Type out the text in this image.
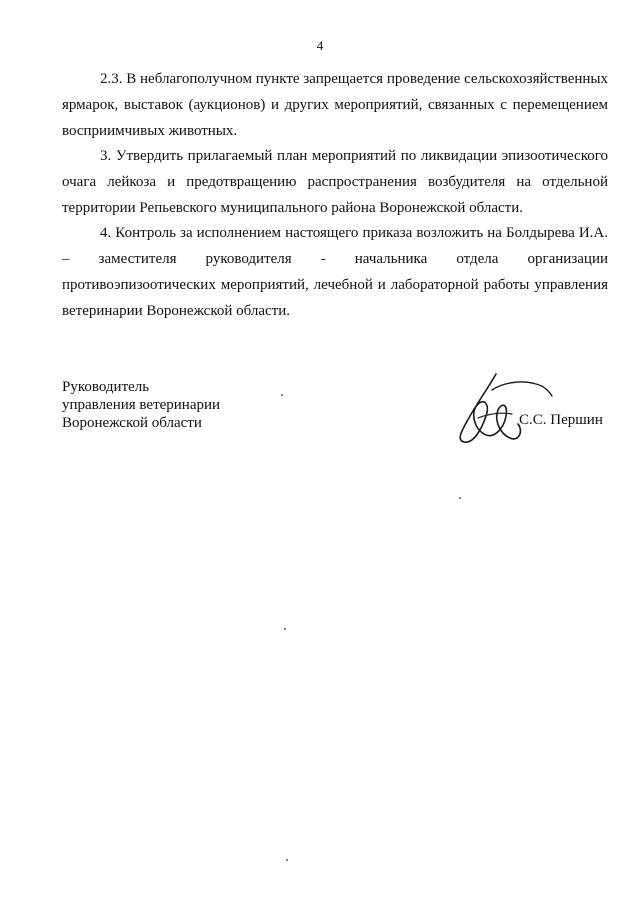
4
2.3. В неблагополучном пункте запрещается проведение сельскохозяйственных ярмарок, выставок (аукционов) и других мероприятий, связанных с перемещением восприимчивых животных.
3. Утвердить прилагаемый план мероприятий по ликвидации эпизоотического очага лейкоза и предотвращению распространения возбудителя на отдельной территории Репьевского муниципального района Воронежской области.
4. Контроль за исполнением настоящего приказа возложить на Болдырева И.А. – заместителя руководителя - начальника отдела организации противоэпизоотических мероприятий, лечебной и лабораторной работы управления ветеринарии Воронежской области.
Руководитель
управления ветеринарии
Воронежской области	С.С. Першин
